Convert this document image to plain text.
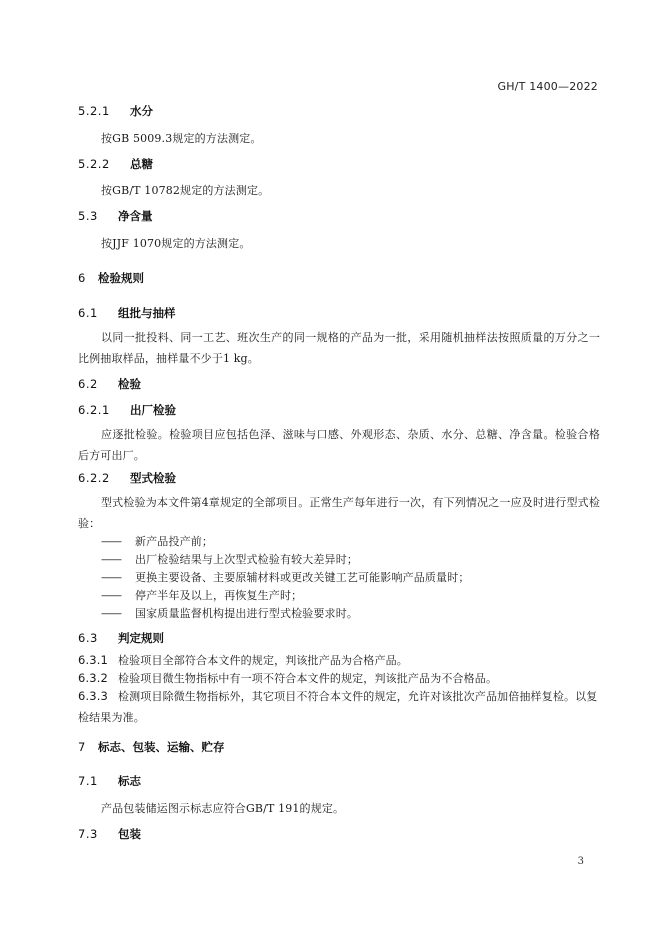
GH/T 1400—2022
5.2.1 水分
按GB 5009.3规定的方法测定。
5.2.2 总糖
按GB/T 10782规定的方法测定。
5.3 净含量
按JJF 1070规定的方法测定。
6 检验规则
6.1 组批与抽样
以同一批投料、同一工艺、班次生产的同一规格的产品为一批，采用随机抽样法按照质量的万分之一比例抽取样品，抽样量不少于1 kg。
6.2 检验
6.2.1 出厂检验
应逐批检验。检验项目应包括色泽、滋味与口感、外观形态、杂质、水分、总糖、净含量。检验合格后方可出厂。
6.2.2 型式检验
型式检验为本文件第4章规定的全部项目。正常生产每年进行一次，有下列情况之一应及时进行型式检验：
—— 新产品投产前；
—— 出厂检验结果与上次型式检验有较大差异时；
—— 更换主要设备、主要原辅材料或更改关键工艺可能影响产品质量时；
—— 停产半年及以上，再恢复生产时；
—— 国家质量监督机构提出进行型式检验要求时。
6.3 判定规则
6.3.1 检验项目全部符合本文件的规定，判该批产品为合格产品。
6.3.2 检验项目微生物指标中有一项不符合本文件的规定，判该批产品为不合格品。
6.3.3 检测项目除微生物指标外，其它项目不符合本文件的规定，允许对该批次产品加倍抽样复检。以复检结果为准。
7 标志、包装、运输、贮存
7.1 标志
产品包装储运图示标志应符合GB/T 191的规定。
7.3 包装
3
